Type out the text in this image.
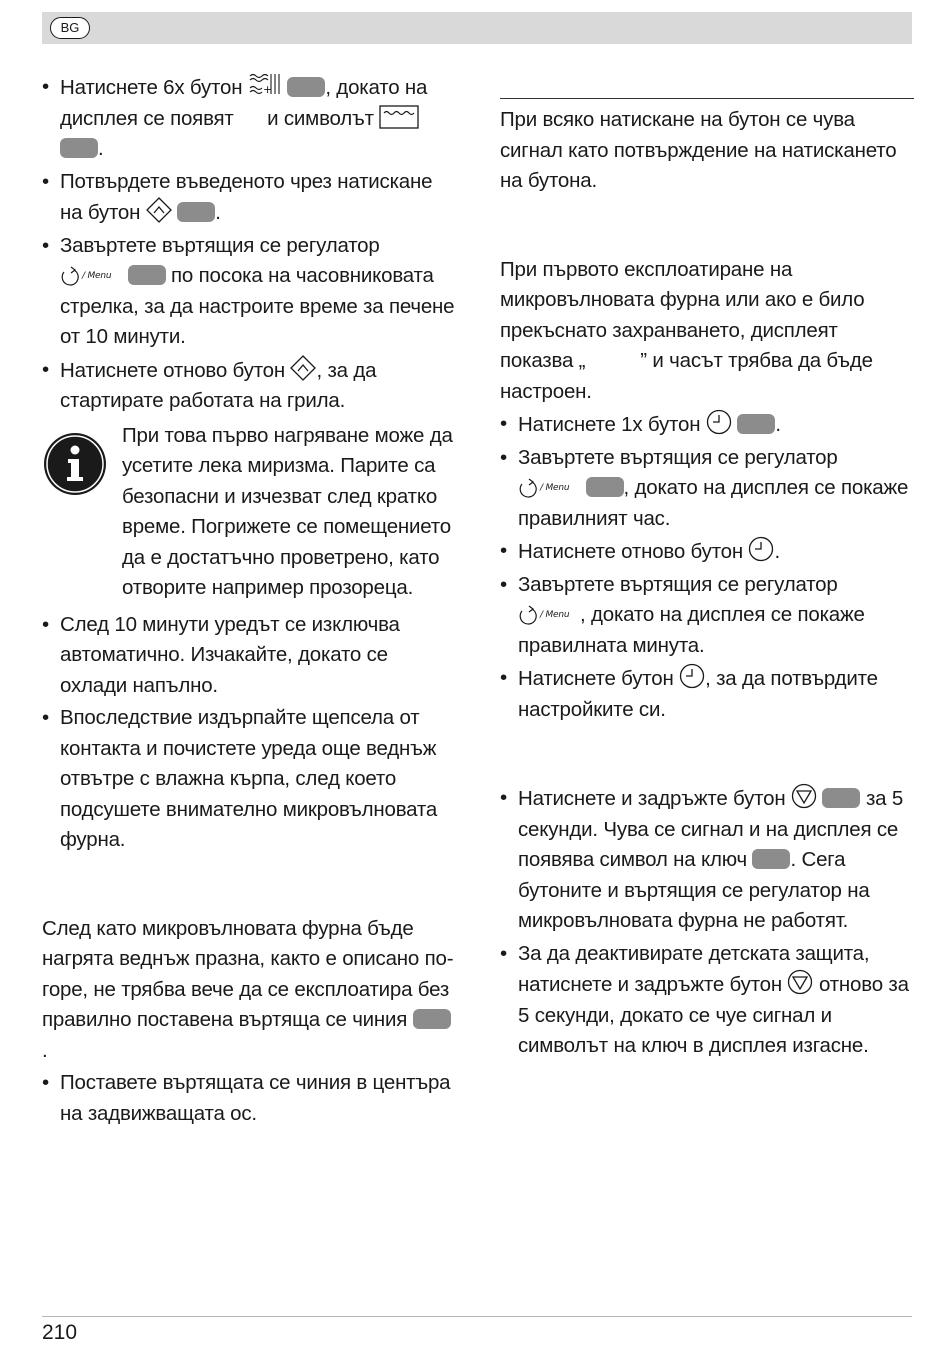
BG

• Натиснете 6x бутон +	, докато на дисплея се появят и символът
.

• Потвърдете въведеното чрез натискане на бутон	.

• Завъртете въртящия се регулатор

/ Menu	по посока на часовниковата стрелка, за да настроите време за печене от 10 минути.

• Натиснете отново бутон , за да стартирате работата на грила.

При това първо нагряване може да усетите лека миризма. Парите са безопасни и изчезват след кратко време. Погрижете се помещението да е достатъчно проветрено, като отворите например прозореца.

• След 10 минути уредът се изключва автоматично. Изчакайте, докато се охлади напълно.

• Впоследствие издърпайте щепсела от контакта и почистете уреда още веднъж отвътре с влажна кърпа, след което подсушете внимателно микровълновата фурна.

След като микровълновата фурна бъде нагрята веднъж празна, както е описано по-горе, не трябва вече да се експлоатира без правилно поставена въртяща се чиния .

• Поставете въртящата се чиния в центъра на задвижващата ос.

При всяко натискане на бутон се чува сигнал като потвърждение на натискането на бутона.

При първото експлоатиране на микровълновата фурна или ако е било прекъснато захранването, дисплеят показва „	” и часът трябва да бъде настроен.

• Натиснете 1x бутон	.

• Завъртете въртящия се регулатор

/ Menu	, докато на дисплея се покаже правилният час.

• Натиснете отново бутон .

• Завъртете въртящия се регулатор

/ Menu , докато на дисплея се покаже правилната минута.

• Натиснете бутон , за да потвърдите настройките си.

• Натиснете и задръжте бутон	за 5 секунди. Чува се сигнал и на дисплея се появява символ на ключ . Сега бутоните и въртящия се регулатор на микровълновата фурна не работят.

• За да деактивирате детската защита, натиснете и задръжте бутон отново за 5 секунди, докато се чуе сигнал и символът на ключ в дисплея изгасне.

210
